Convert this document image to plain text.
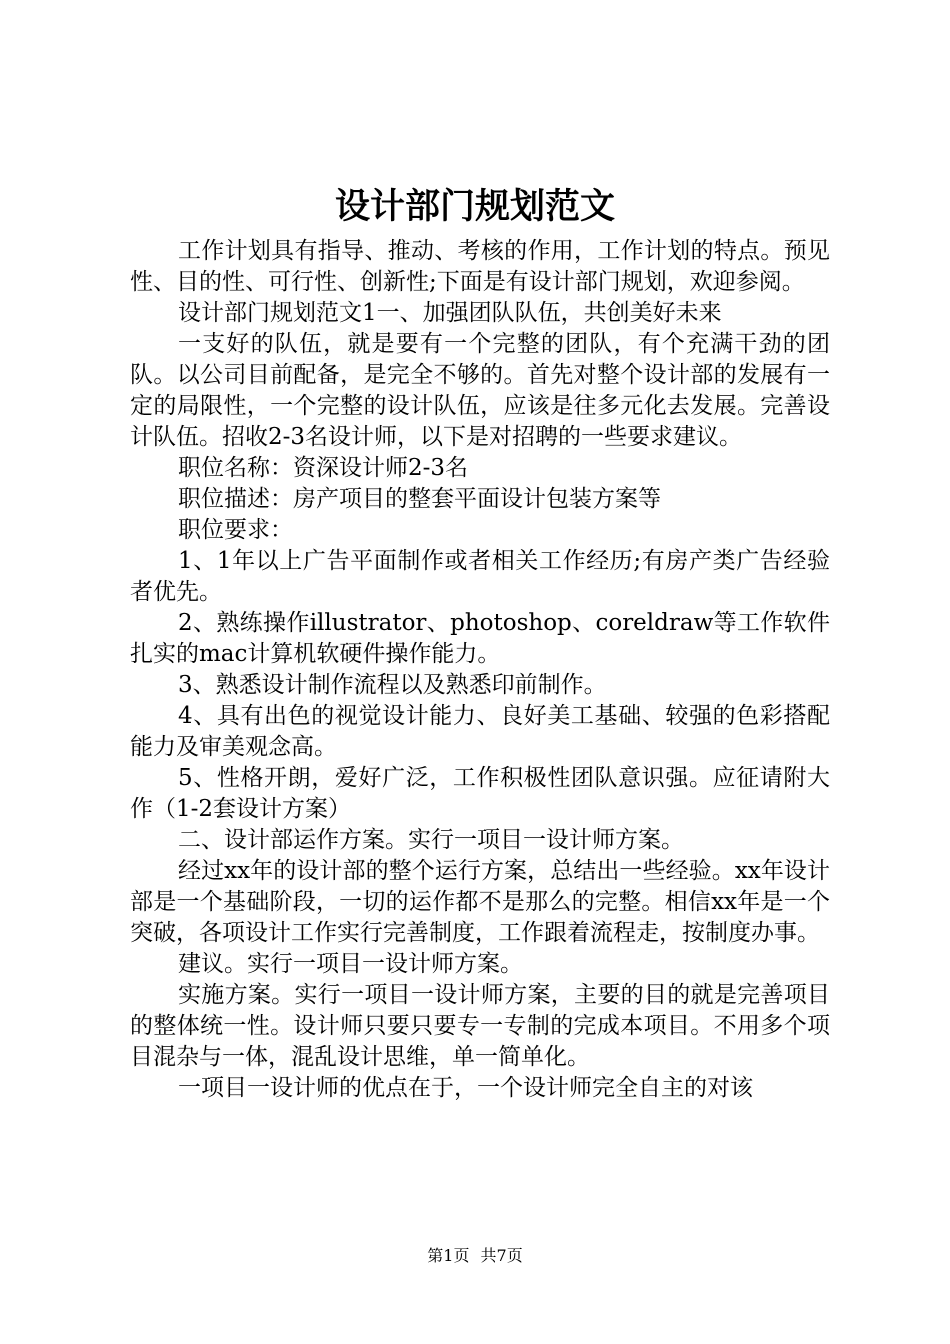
设计部门规划范文

工作计划具有指导、推动、考核的作用，工作计划的特点。预见性、目的性、可行性、创新性;下面是有设计部门规划，欢迎参阅。

设计部门规划范文1一、加强团队队伍，共创美好未来

一支好的队伍，就是要有一个完整的团队，有个充满干劲的团队。以公司目前配备，是完全不够的。首先对整个设计部的发展有一定的局限性，一个完整的设计队伍，应该是往多元化去发展。完善设计队伍。招收2-3名设计师，以下是对招聘的一些要求建议。

职位名称：资深设计师2-3名

职位描述：房产项目的整套平面设计包装方案等

职位要求：

1、1年以上广告平面制作或者相关工作经历;有房产类广告经验者优先。

2、熟练操作illustrator、photoshop、coreldraw等工作软件扎实的mac计算机软硬件操作能力。

3、熟悉设计制作流程以及熟悉印前制作。

4、具有出色的视觉设计能力、良好美工基础、较强的色彩搭配能力及审美观念高。

5、性格开朗，爱好广泛，工作积极性团队意识强。应征请附大作（1-2套设计方案）

二、设计部运作方案。实行一项目一设计师方案。

经过xx年的设计部的整个运行方案，总结出一些经验。xx年设计部是一个基础阶段，一切的运作都不是那么的完整。相信xx年是一个突破，各项设计工作实行完善制度，工作跟着流程走，按制度办事。

建议。实行一项目一设计师方案。

实施方案。实行一项目一设计师方案，主要的目的就是完善项目的整体统一性。设计师只要只要专一专制的完成本项目。不用多个项目混杂与一体，混乱设计思维，单一简单化。

一项目一设计师的优点在于，一个设计师完全自主的对该

第1页 共7页
